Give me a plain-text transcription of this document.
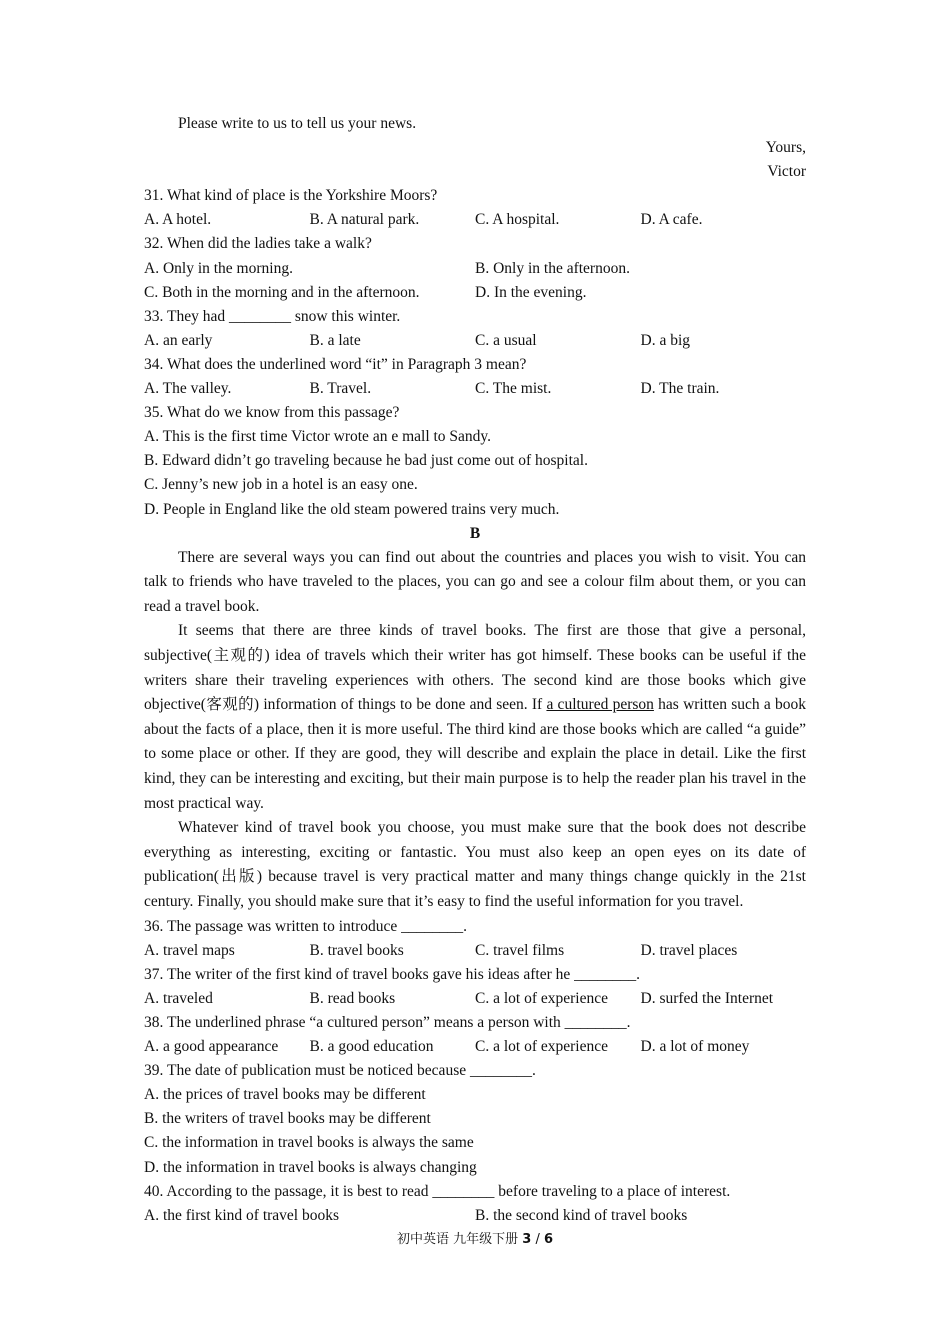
Please write to us to tell us your news.
Yours,
Victor
31. What kind of place is the Yorkshire Moors?
A. A hotel.	B. A natural park.	C. A hospital.	D. A cafe.
32. When did the ladies take a walk?
A. Only in the morning.	B. Only in the afternoon.
C. Both in the morning and in the afternoon.	D. In the evening.
33. They had ________ snow this winter.
A. an early	B. a late	C. a usual	D. a big
34. What does the underlined word “it” in Paragraph 3 mean?
A. The valley.	B. Travel.	C. The mist.	D. The train.
35. What do we know from this passage?
A. This is the first time Victor wrote an e mall to Sandy.
B. Edward didn’t go traveling because he bad just come out of hospital.
C. Jenny’s new job in a hotel is an easy one.
D. People in England like the old steam powered trains very much.
B

There are several ways you can find out about the countries and places you wish to visit. You can talk to friends who have traveled to the places, you can go and see a colour film about them, or you can read a travel book.

It seems that there are three kinds of travel books. The first are those that give a personal, subjective(主观的) idea of travels which their writer has got himself. These books can be useful if the writers share their traveling experiences with others. The second kind are those books which give objective(客观的) information of things to be done and seen. If a cultured person has written such a book about the facts of a place, then it is more useful. The third kind are those books which are called “a guide” to some place or other. If they are good, they will describe and explain the place in detail. Like the first kind, they can be interesting and exciting, but their main purpose is to help the reader plan his travel in the most practical way.

Whatever kind of travel book you choose, you must make sure that the book does not describe everything as interesting, exciting or fantastic. You must also keep an open eyes on its date of publication(出版) because travel is very practical matter and many things change quickly in the 21st century. Finally, you should make sure that it’s easy to find the useful information for you travel.

36. The passage was written to introduce ________.
A. travel maps	B. travel books	C. travel films	D. travel places
37. The writer of the first kind of travel books gave his ideas after he ________.
A. traveled	B. read books	C. a lot of experience	D. surfed the Internet
38. The underlined phrase “a cultured person” means a person with ________.
A. a good appearance	B. a good education	C. a lot of experience	D. a lot of money
39. The date of publication must be noticed because ________.
A. the prices of travel books may be different
B. the writers of travel books may be different
C. the information in travel books is always the same
D. the information in travel books is always changing
40. According to the passage, it is best to read ________ before traveling to a place of interest.
A. the first kind of travel books	B. the second kind of travel books
初中英语 九年级下册 3 / 6
